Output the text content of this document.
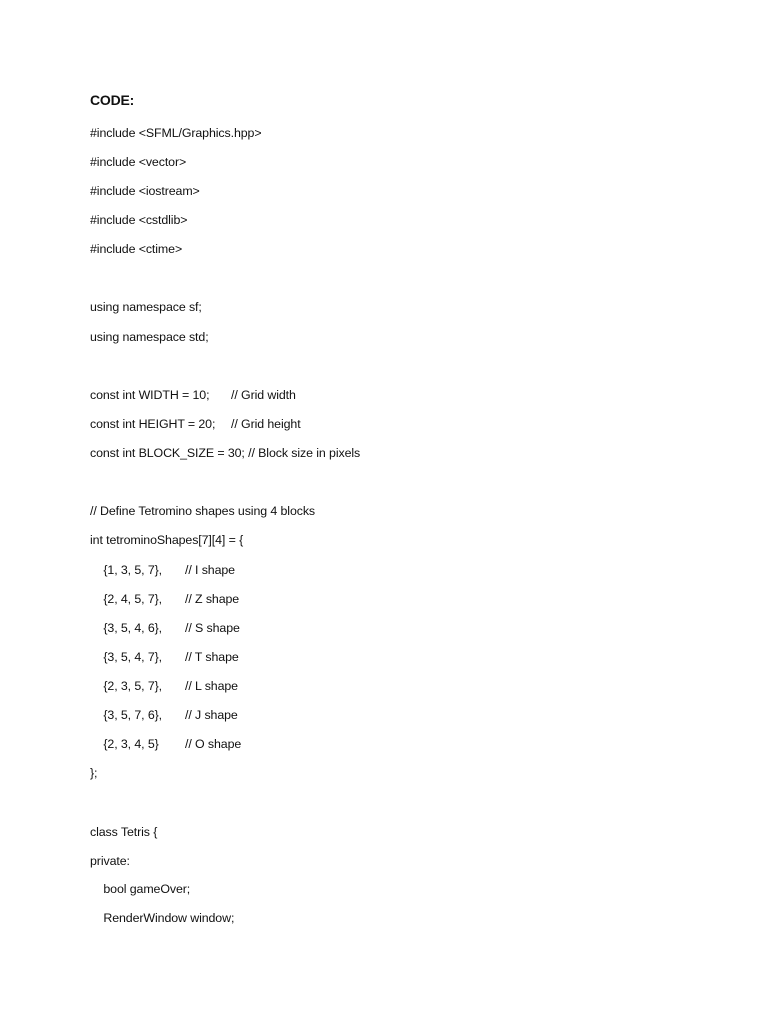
CODE:
#include <SFML/Graphics.hpp>
#include <vector>
#include <iostream>
#include <cstdlib>
#include <ctime>
using namespace sf;
using namespace std;
const int WIDTH = 10; // Grid width
const int HEIGHT = 20; // Grid height
const int BLOCK_SIZE = 30; // Block size in pixels
// Define Tetromino shapes using 4 blocks
int tetrominoShapes[7][4] = {
{1, 3, 5, 7}, // I shape
{2, 4, 5, 7}, // Z shape
{3, 5, 4, 6}, // S shape
{3, 5, 4, 7}, // T shape
{2, 3, 5, 7}, // L shape
{3, 5, 7, 6}, // J shape
{2, 3, 4, 5} // O shape
};
class Tetris {
private:
bool gameOver;
RenderWindow window;
